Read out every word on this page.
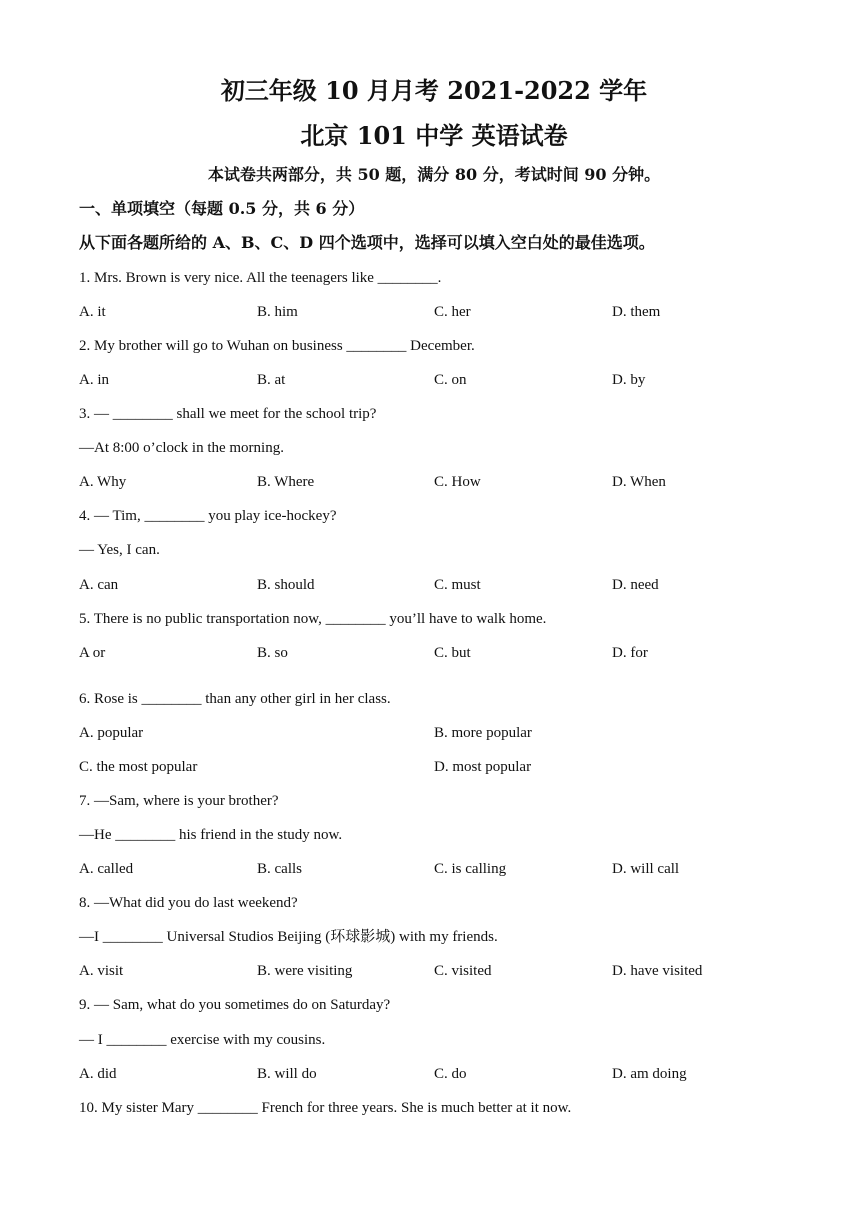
初三年级 10 月月考 2021-2022 学年
北京 101 中学 英语试卷
本试卷共两部分，共 50 题，满分 80 分，考试时间 90 分钟。
一、单项填空（每题 0.5 分，共 6 分）
从下面各题所给的 A、B、C、D 四个选项中，选择可以填入空白处的最佳选项。
1. Mrs. Brown is very nice. All the teenagers like ________.
A. it	B. him	C. her	D. them
2. My brother will go to Wuhan on business ________ December.
A. in	B. at	C. on	D. by
3. — ________ shall we meet for the school trip?
—At 8:00 o’clock in the morning.
A. Why	B. Where	C. How	D. When
4. — Tim, ________ you play ice-hockey?
— Yes, I can.
A. can	B. should	C. must	D. need
5. There is no public transportation now, ________ you’ll have to walk home.
A or	B. so	C. but	D. for
6. Rose is ________ than any other girl in her class.
A. popular	B. more popular
C. the most popular	D. most popular
7. —Sam, where is your brother?
—He ________ his friend in the study now.
A. called	B. calls	C. is calling	D. will call
8. —What did you do last weekend?
—I ________ Universal Studios Beijing (环球影城) with my friends.
A. visit	B. were visiting	C. visited	D. have visited
9. — Sam, what do you sometimes do on Saturday?
— I ________ exercise with my cousins.
A. did	B. will do	C. do	D. am doing
10. My sister Mary ________ French for three years. She is much better at it now.
